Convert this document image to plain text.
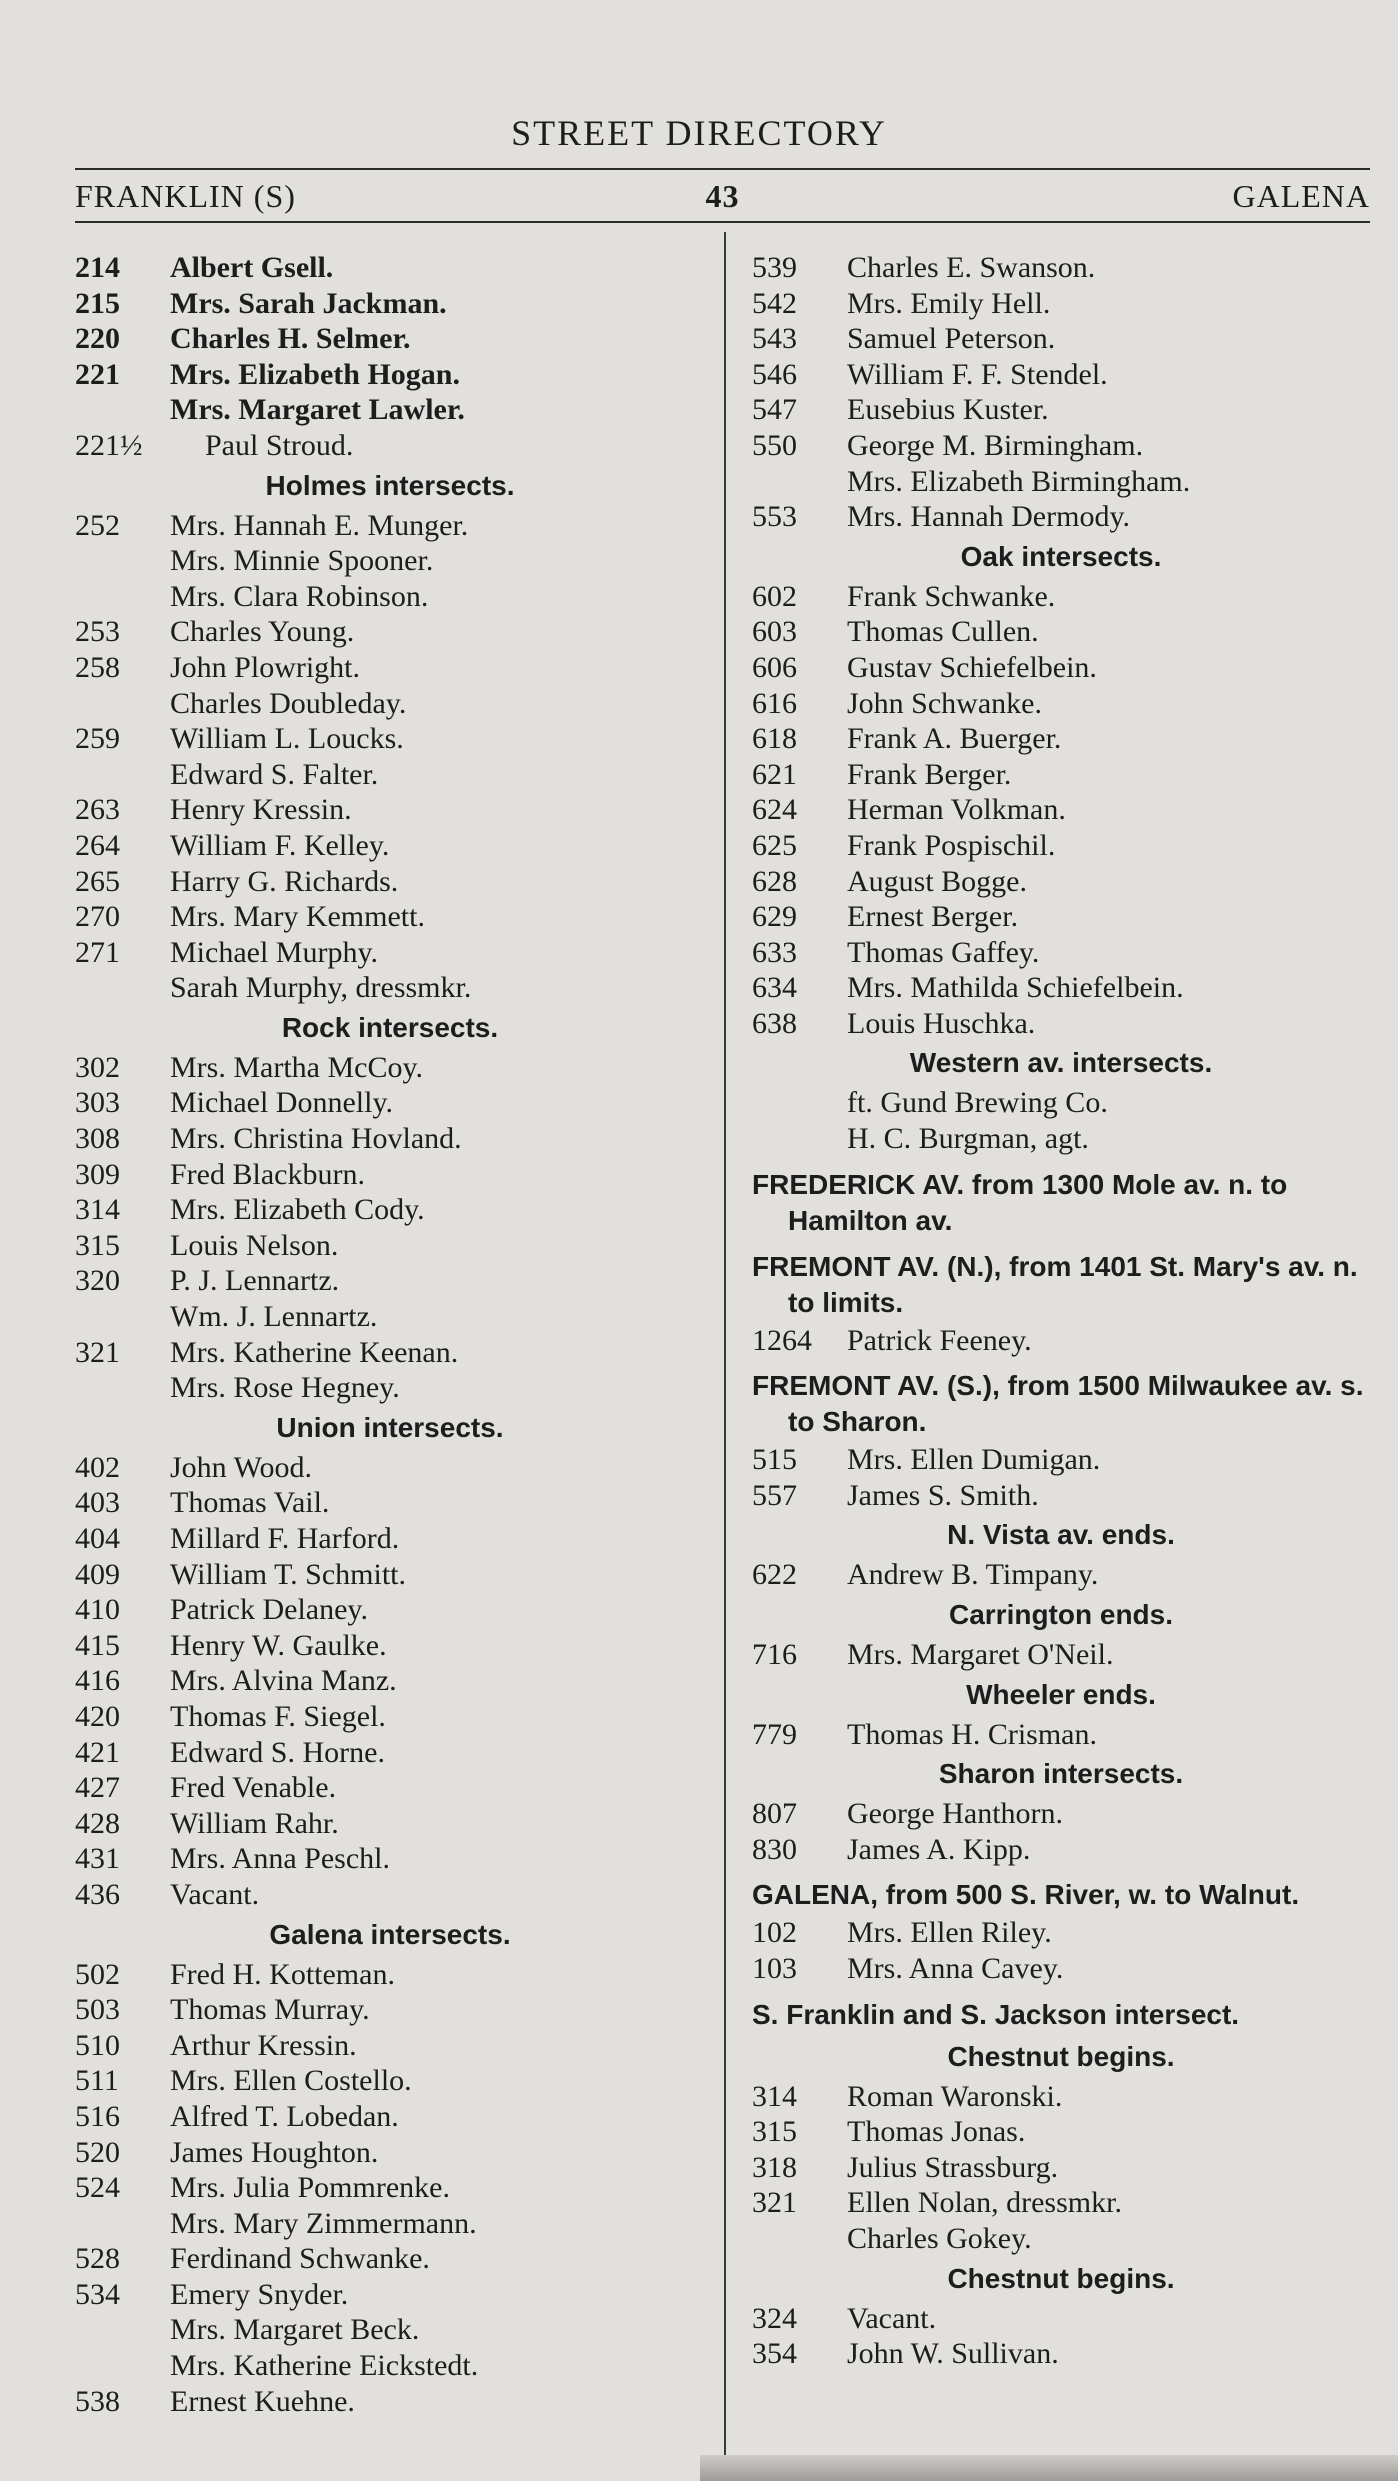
STREET DIRECTORY
FRANKLIN (S)	43	GALENA
214 Albert Gsell.
215 Mrs. Sarah Jackman.
220 Charles H. Selmer.
221 Mrs. Elizabeth Hogan.
Mrs. Margaret Lawler.
221½ Paul Stroud.
Holmes intersects.
252 Mrs. Hannah E. Munger.
Mrs. Minnie Spooner.
Mrs. Clara Robinson.
253 Charles Young.
258 John Plowright.
Charles Doubleday.
259 William L. Loucks.
Edward S. Falter.
263 Henry Kressin.
264 William F. Kelley.
265 Harry G. Richards.
270 Mrs. Mary Kemmett.
271 Michael Murphy.
Sarah Murphy, dressmkr.
Rock intersects.
302 Mrs. Martha McCoy.
303 Michael Donnelly.
308 Mrs. Christina Hovland.
309 Fred Blackburn.
314 Mrs. Elizabeth Cody.
315 Louis Nelson.
320 P. J. Lennartz.
Wm. J. Lennartz.
321 Mrs. Katherine Keenan.
Mrs. Rose Hegney.
Union intersects.
402 John Wood.
403 Thomas Vail.
404 Millard F. Harford.
409 William T. Schmitt.
410 Patrick Delaney.
415 Henry W. Gaulke.
416 Mrs. Alvina Manz.
420 Thomas F. Siegel.
421 Edward S. Horne.
427 Fred Venable.
428 William Rahr.
431 Mrs. Anna Peschl.
436 Vacant.
Galena intersects.
502 Fred H. Kotteman.
503 Thomas Murray.
510 Arthur Kressin.
511 Mrs. Ellen Costello.
516 Alfred T. Lobedan.
520 James Houghton.
524 Mrs. Julia Pommrenke.
Mrs. Mary Zimmermann.
528 Ferdinand Schwanke.
534 Emery Snyder.
Mrs. Margaret Beck.
Mrs. Katherine Eickstedt.
538 Ernest Kuehne.
539 Charles E. Swanson.
542 Mrs. Emily Hell.
543 Samuel Peterson.
546 William F. F. Stendel.
547 Eusebius Kuster.
550 George M. Birmingham.
Mrs. Elizabeth Birmingham.
553 Mrs. Hannah Dermody.
Oak intersects.
602 Frank Schwanke.
603 Thomas Cullen.
606 Gustav Schiefelbein.
616 John Schwanke.
618 Frank A. Buerger.
621 Frank Berger.
624 Herman Volkman.
625 Frank Pospischil.
628 August Bogge.
629 Ernest Berger.
633 Thomas Gaffey.
634 Mrs. Mathilda Schiefelbein.
638 Louis Huschka.
Western av. intersects.
ft. Gund Brewing Co.
H. C. Burgman, agt.
FREDERICK AV. from 1300 Mole av. n. to Hamilton av.
FREMONT AV. (N.), from 1401 St. Mary's av. n. to limits.
1264 Patrick Feeney.
FREMONT AV. (S.), from 1500 Milwaukee av. s. to Sharon.
515 Mrs. Ellen Dumigan.
557 James S. Smith.
N. Vista av. ends.
622 Andrew B. Timpany.
Carrington ends.
716 Mrs. Margaret O'Neil.
Wheeler ends.
779 Thomas H. Crisman.
Sharon intersects.
807 George Hanthorn.
830 James A. Kipp.
GALENA, from 500 S. River, w. to Walnut.
102 Mrs. Ellen Riley.
103 Mrs. Anna Cavey.
S. Franklin and S. Jackson intersect.
Chestnut begins.
314 Roman Waronski.
315 Thomas Jonas.
318 Julius Strassburg.
321 Ellen Nolan, dressmkr.
Charles Gokey.
Chestnut begins.
324 Vacant.
354 John W. Sullivan.
